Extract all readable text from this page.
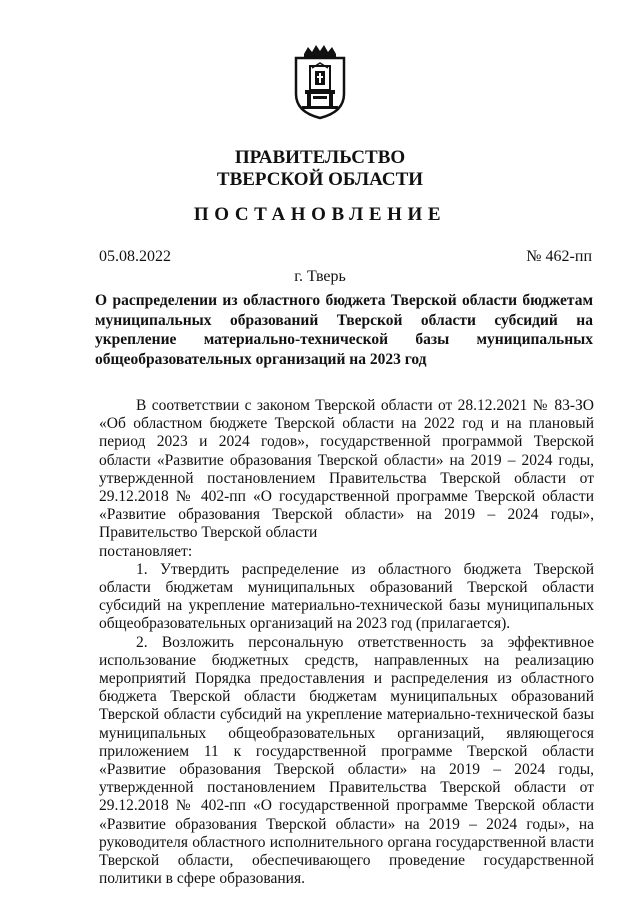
ПРАВИТЕЛЬСТВО
ТВЕРСКОЙ ОБЛАСТИ
ПОСТАНОВЛЕНИЕ
05.08.2022	№ 462-пп
г. Тверь
О распределении из областного бюджета Тверской области бюджетам муниципальных образований Тверской области субсидий на укрепление материально-технической базы муниципальных общеобразовательных организаций на 2023 год

В соответствии с законом Тверской области от 28.12.2021 № 83-ЗО «Об областном бюджете Тверской области на 2022 год и на плановый период 2023 и 2024 годов», государственной программой Тверской области «Развитие образования Тверской области» на 2019 – 2024 годы, утвержденной постановлением Правительства Тверской области от 29.12.2018 № 402-пп «О государственной программе Тверской области «Развитие образования Тверской области» на 2019 – 2024 годы», Правительство Тверской области

постановляет:

1. Утвердить распределение из областного бюджета Тверской области бюджетам муниципальных образований Тверской области субсидий на укрепление материально-технической базы муниципальных общеобразовательных организаций на 2023 год (прилагается).

2. Возложить персональную ответственность за эффективное использование бюджетных средств, направленных на реализацию мероприятий Порядка предоставления и распределения из областного бюджета Тверской области бюджетам муниципальных образований Тверской области субсидий на укрепление материально-технической базы муниципальных общеобразовательных организаций, являющегося приложением 11 к государственной программе Тверской области «Развитие образования Тверской области» на 2019 – 2024 годы, утвержденной постановлением Правительства Тверской области от 29.12.2018 № 402-пп «О государственной программе Тверской области «Развитие образования Тверской области» на 2019 – 2024 годы», на руководителя областного исполнительного органа государственной власти Тверской области, обеспечивающего проведение государственной политики в сфере образования.
